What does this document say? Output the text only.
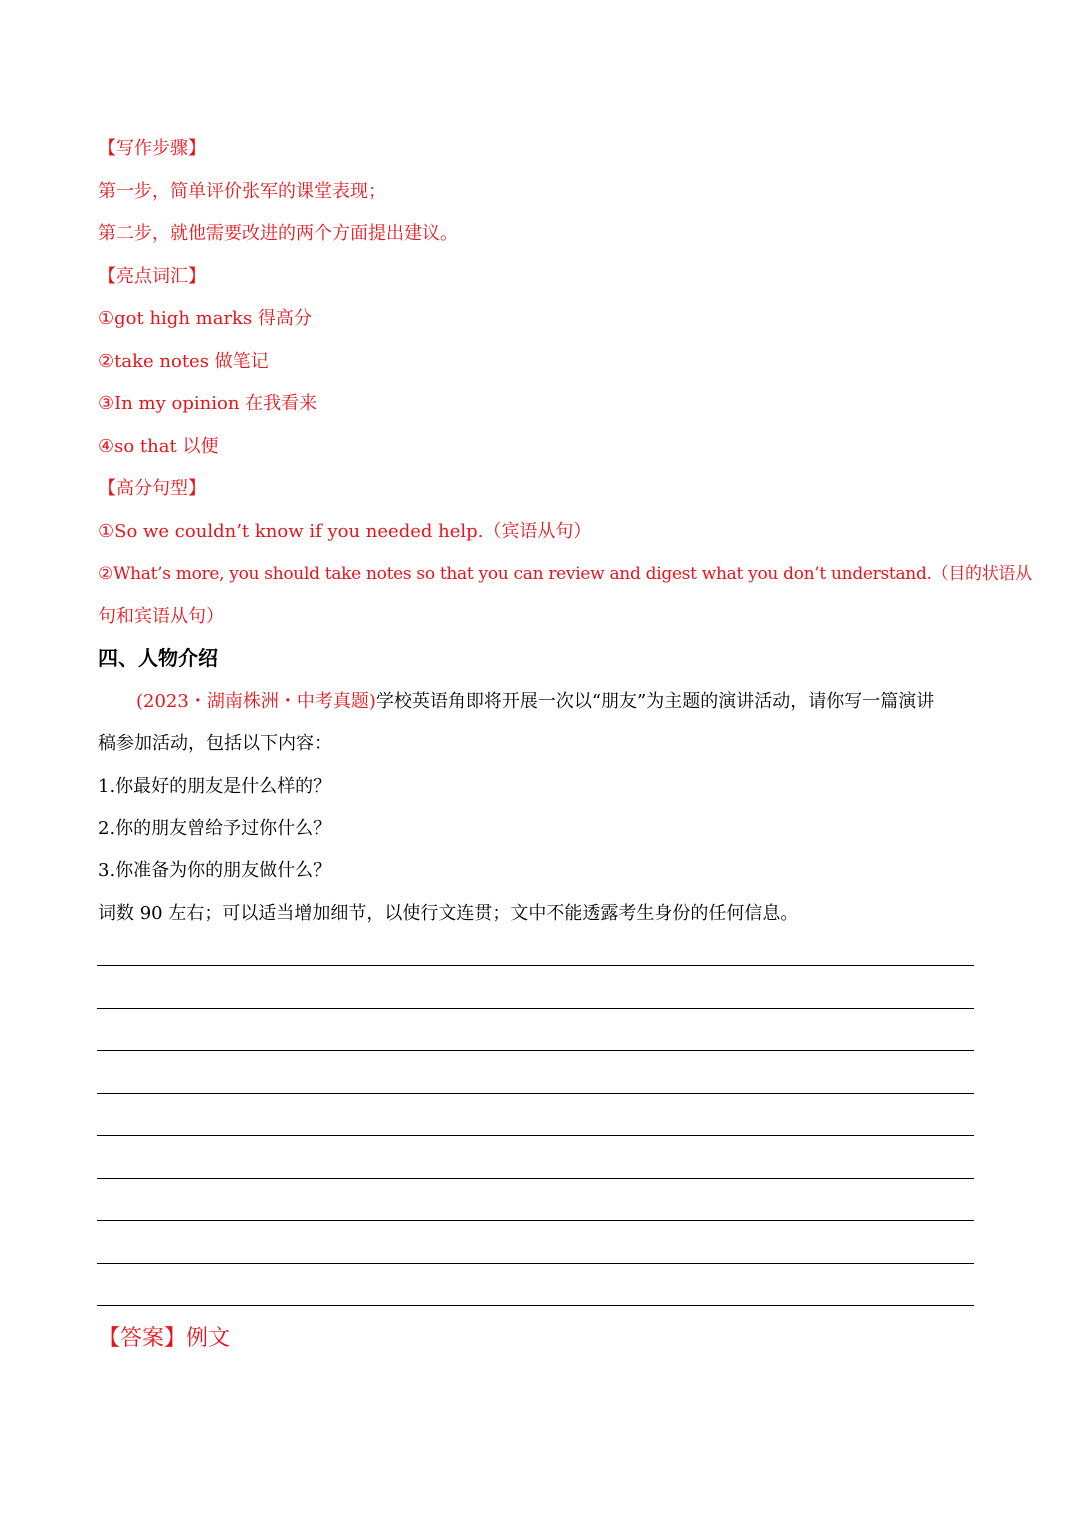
【写作步骤】
第一步，简单评价张军的课堂表现；
第二步，就他需要改进的两个方面提出建议。
【亮点词汇】
①got high marks 得高分
②take notes 做笔记
③In my opinion 在我看来
④so that 以便
【高分句型】
①So we couldn’t know if you needed help.（宾语从句）
②What’s more, you should take notes so that you can review and digest what you don’t understand.（目的状语从
句和宾语从句）
四、人物介绍
(2023・湖南株洲・中考真题)学校英语角即将开展一次以“朋友”为主题的演讲活动，请你写一篇演讲
稿参加活动，包括以下内容：
1.你最好的朋友是什么样的？
2.你的朋友曾给予过你什么？
3.你准备为你的朋友做什么？
词数 90 左右；可以适当增加细节，以使行文连贯；文中不能透露考生身份的任何信息。
【答案】例文
